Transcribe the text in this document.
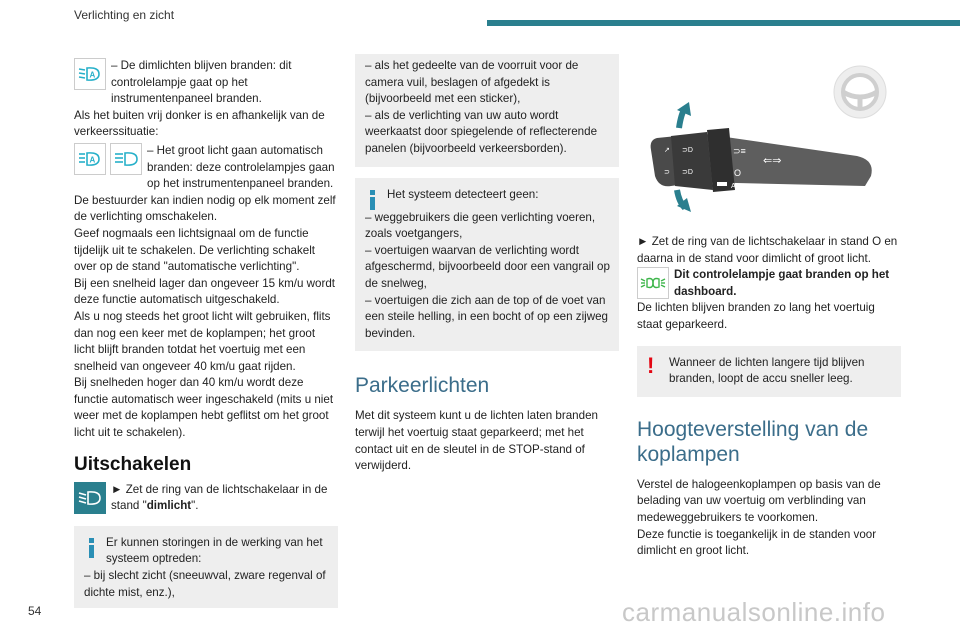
Verlichting en zicht
A
– De dimlichten blijven branden: dit controlelampje gaat op het instrumentenpaneel branden.

Als het buiten vrij donker is en afhankelijk van de verkeerssituatie:

A
– Het groot licht gaan automatisch branden: deze controlelampjes gaan op het instrumentenpaneel branden.

De bestuurder kan indien nodig op elk moment zelf de verlichting omschakelen.

Geef nogmaals een lichtsignaal om de functie tijdelijk uit te schakelen. De verlichting schakelt over op de stand "automatische verlichting".

Bij een snelheid lager dan ongeveer 15 km/u wordt deze functie automatisch uitgeschakeld.

Als u nog steeds het groot licht wilt gebruiken, flits dan nog een keer met de koplampen; het groot licht blijft branden totdat het voertuig met een snelheid van ongeveer 40 km/u gaat rijden.

Bij snelheden hoger dan 40 km/u wordt deze functie automatisch weer ingeschakeld (mits u niet weer met de koplampen hebt geflitst om het groot licht uit te schakelen).

Uitschakelen
► Zet de ring van de lichtschakelaar in de stand "dimlicht".
Er kunnen storingen in de werking van het systeem optreden:

– bij slecht zicht (sneeuwval, zware regenval of dichte mist, enz.),

– als het gedeelte van de voorruit voor de camera vuil, beslagen of afgedekt is (bijvoorbeeld met een sticker),
– als de verlichting van uw auto wordt weerkaatst door spiegelende of reflecterende panelen (bijvoorbeeld verkeersborden).
Het systeem detecteert geen:

– weggebruikers die geen verlichting voeren, zoals voetgangers,

– voertuigen waarvan de verlichting wordt afgeschermd, bijvoorbeeld door een vangrail op de snelweg,

– voertuigen die zich aan de top of de voet van een steile helling, in een bocht of op een zijweg bevinden.

Parkeerlichten

Met dit systeem kunt u de lichten laten branden terwijl het voertuig staat geparkeerd; met het contact uit en de sleutel in de STOP-stand of verwijderd.

⊃≡
O
A
⇐⇒
↗ ⊃D
⊃ ⊃D

► Zet de ring van de lichtschakelaar in stand O en daarna in de stand voor dimlicht of groot licht.

Dit controlelampje gaat branden op het dashboard.

De lichten blijven branden zo lang het voertuig staat geparkeerd.

!	Wanneer de lichten langere tijd blijven branden, loopt de accu sneller leeg.
Hoogteverstelling van de koplampen

Verstel de halogeenkoplampen op basis van de belading van uw voertuig om verblinding van medeweggebruikers te voorkomen.

Deze functie is toegankelijk in de standen voor dimlicht en groot licht.

54	carmanualsonline.info
